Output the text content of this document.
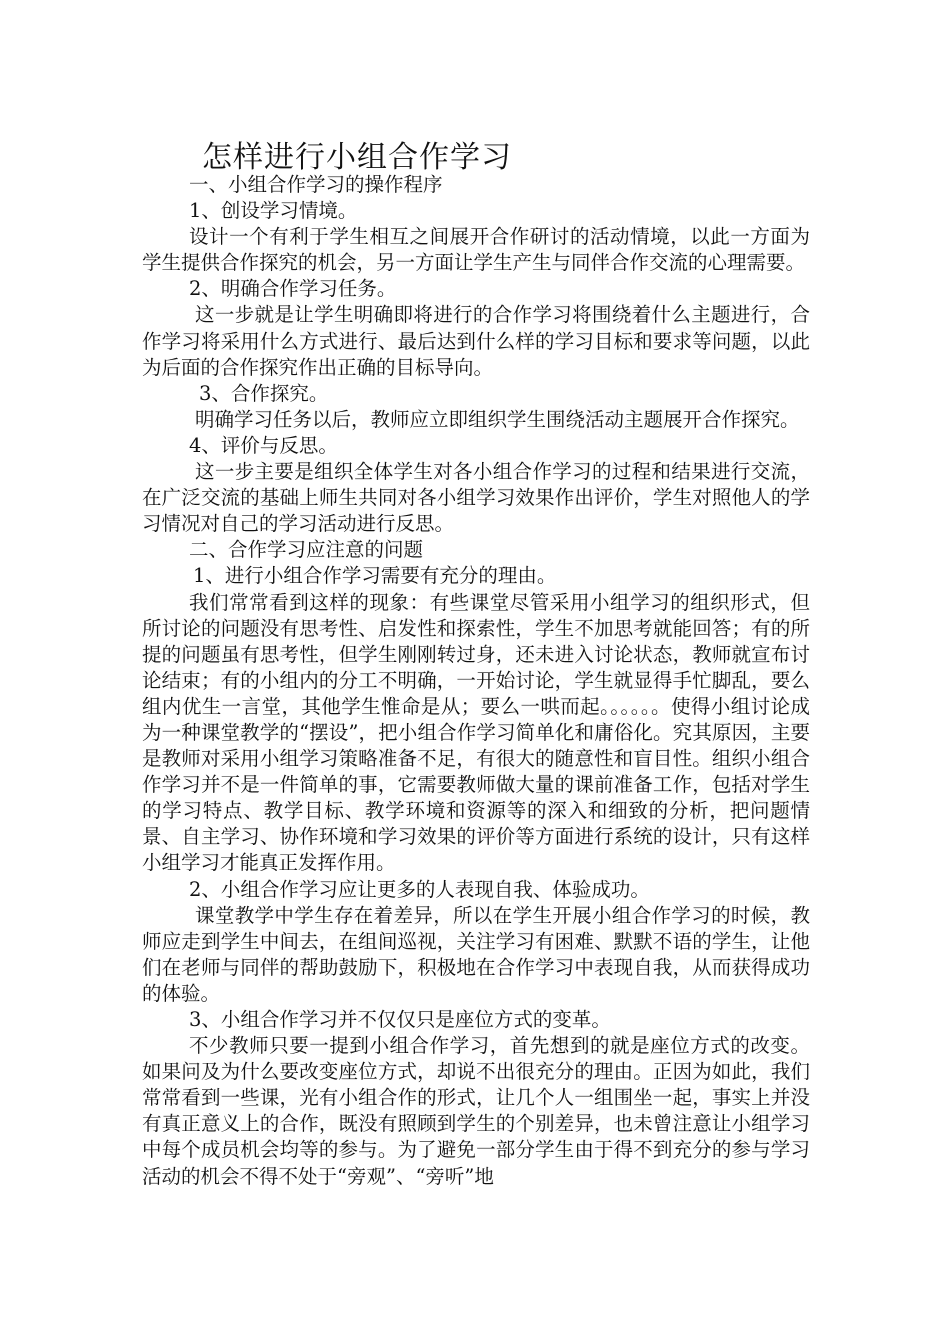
怎样进行小组合作学习

一、小组合作学习的操作程序

1、创设学习情境。

设计一个有利于学生相互之间展开合作研讨的活动情境，以此一方面为学生提供合作探究的机会，另一方面让学生产生与同伴合作交流的心理需要。

2、明确合作学习任务。

这一步就是让学生明确即将进行的合作学习将围绕着什么主题进行，合作学习将采用什么方式进行、最后达到什么样的学习目标和要求等问题，以此为后面的合作探究作出正确的目标导向。

3、合作探究。

明确学习任务以后，教师应立即组织学生围绕活动主题展开合作探究。

4、评价与反思。

这一步主要是组织全体学生对各小组合作学习的过程和结果进行交流，在广泛交流的基础上师生共同对各小组学习效果作出评价，学生对照他人的学习情况对自己的学习活动进行反思。

二、合作学习应注意的问题

1、进行小组合作学习需要有充分的理由。

我们常常看到这样的现象：有些课堂尽管采用小组学习的组织形式，但所讨论的问题没有思考性、启发性和探索性，学生不加思考就能回答；有的所提的问题虽有思考性，但学生刚刚转过身，还未进入讨论状态，教师就宣布讨论结束；有的小组内的分工不明确，一开始讨论，学生就显得手忙脚乱，要么组内优生一言堂，其他学生惟命是从；要么一哄而起。。。。。。使得小组讨论成为一种课堂教学的“摆设”，把小组合作学习简单化和庸俗化。究其原因，主要是教师对采用小组学习策略准备不足，有很大的随意性和盲目性。组织小组合作学习并不是一件简单的事，它需要教师做大量的课前准备工作，包括对学生的学习特点、教学目标、教学环境和资源等的深入和细致的分析，把问题情景、自主学习、协作环境和学习效果的评价等方面进行系统的设计，只有这样小组学习才能真正发挥作用。

2、小组合作学习应让更多的人表现自我、体验成功。

课堂教学中学生存在着差异，所以在学生开展小组合作学习的时候，教师应走到学生中间去，在组间巡视，关注学习有困难、默默不语的学生，让他们在老师与同伴的帮助鼓励下，积极地在合作学习中表现自我，从而获得成功的体验。

3、小组合作学习并不仅仅只是座位方式的变革。

不少教师只要一提到小组合作学习，首先想到的就是座位方式的改变。如果问及为什么要改变座位方式，却说不出很充分的理由。正因为如此，我们常常看到一些课，光有小组合作的形式，让几个人一组围坐一起，事实上并没有真正意义上的合作，既没有照顾到学生的个别差异，也未曾注意让小组学习中每个成员机会均等的参与。为了避免一部分学生由于得不到充分的参与学习活动的机会不得不处于“旁观”、“旁听”地
